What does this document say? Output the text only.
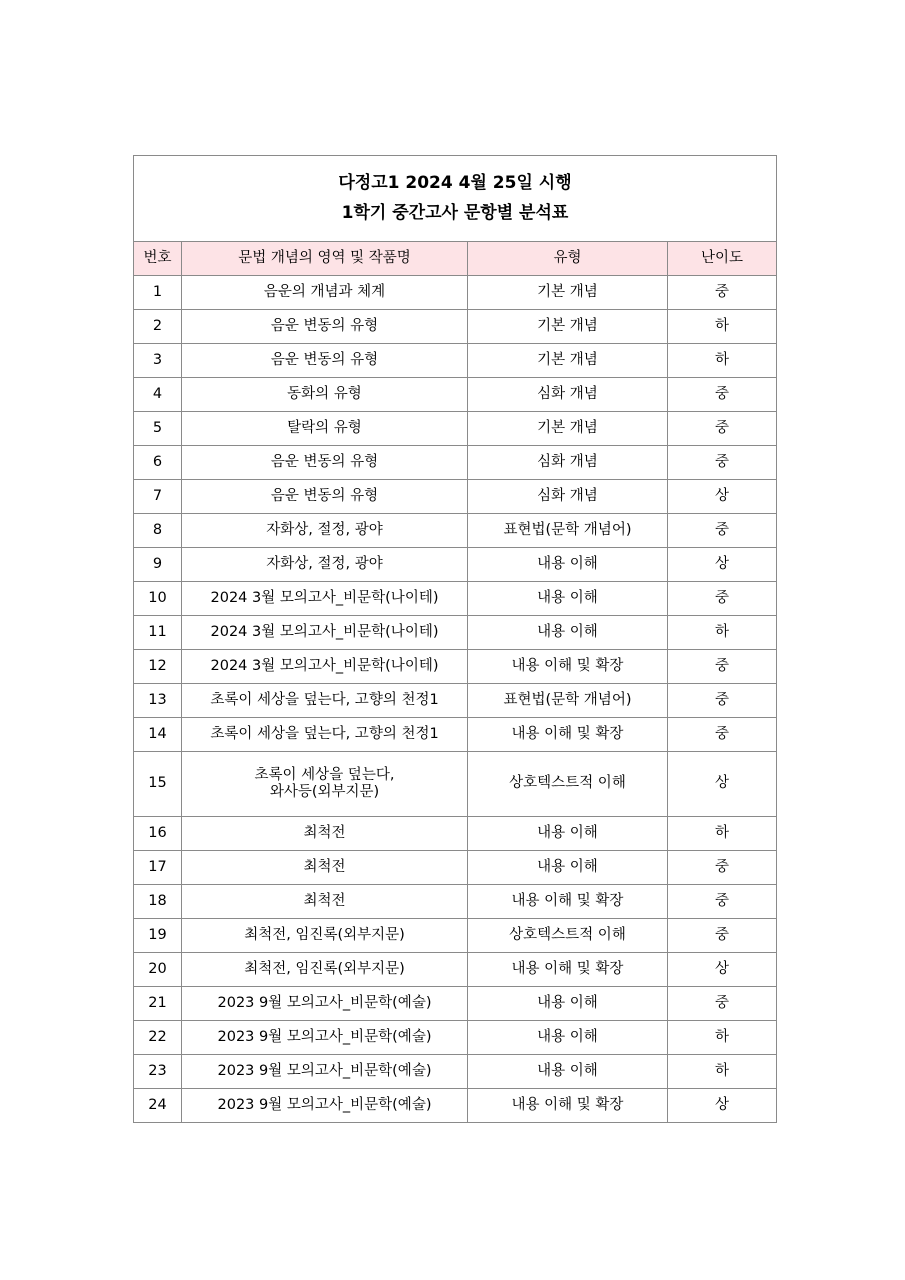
다정고1 2024 4월 25일 시행
1학기 중간고사 문항별 분석표			

번호	문법 개념의 영역 및 작품명	유형	난이도
1	음운의 개념과 체계	기본 개념	중
2	음운 변동의 유형	기본 개념	하
3	음운 변동의 유형	기본 개념	하
4	동화의 유형	심화 개념	중
5	탈락의 유형	기본 개념	중
6	음운 변동의 유형	심화 개념	중
7	음운 변동의 유형	심화 개념	상
8	자화상, 절정, 광야	표현법(문학 개념어)	중
9	자화상, 절정, 광야	내용 이해	상
10	2024 3월 모의고사_비문학(나이테)	내용 이해	중
11	2024 3월 모의고사_비문학(나이테)	내용 이해	하
12	2024 3월 모의고사_비문학(나이테)	내용 이해 및 확장	중
13	초록이 세상을 덮는다, 고향의 천정1	표현법(문학 개념어)	중
14	초록이 세상을 덮는다, 고향의 천정1	내용 이해 및 확장	중
15	초록이 세상을 덮는다,
와사등(외부지문)	상호텍스트적 이해	상
16	최척전	내용 이해	하
17	최척전	내용 이해	중
18	최척전	내용 이해 및 확장	중
19	최척전, 임진록(외부지문)	상호텍스트적 이해	중
20	최척전, 임진록(외부지문)	내용 이해 및 확장	상
21	2023 9월 모의고사_비문학(예술)	내용 이해	중
22	2023 9월 모의고사_비문학(예술)	내용 이해	하
23	2023 9월 모의고사_비문학(예술)	내용 이해	하
24	2023 9월 모의고사_비문학(예술)	내용 이해 및 확장	상
